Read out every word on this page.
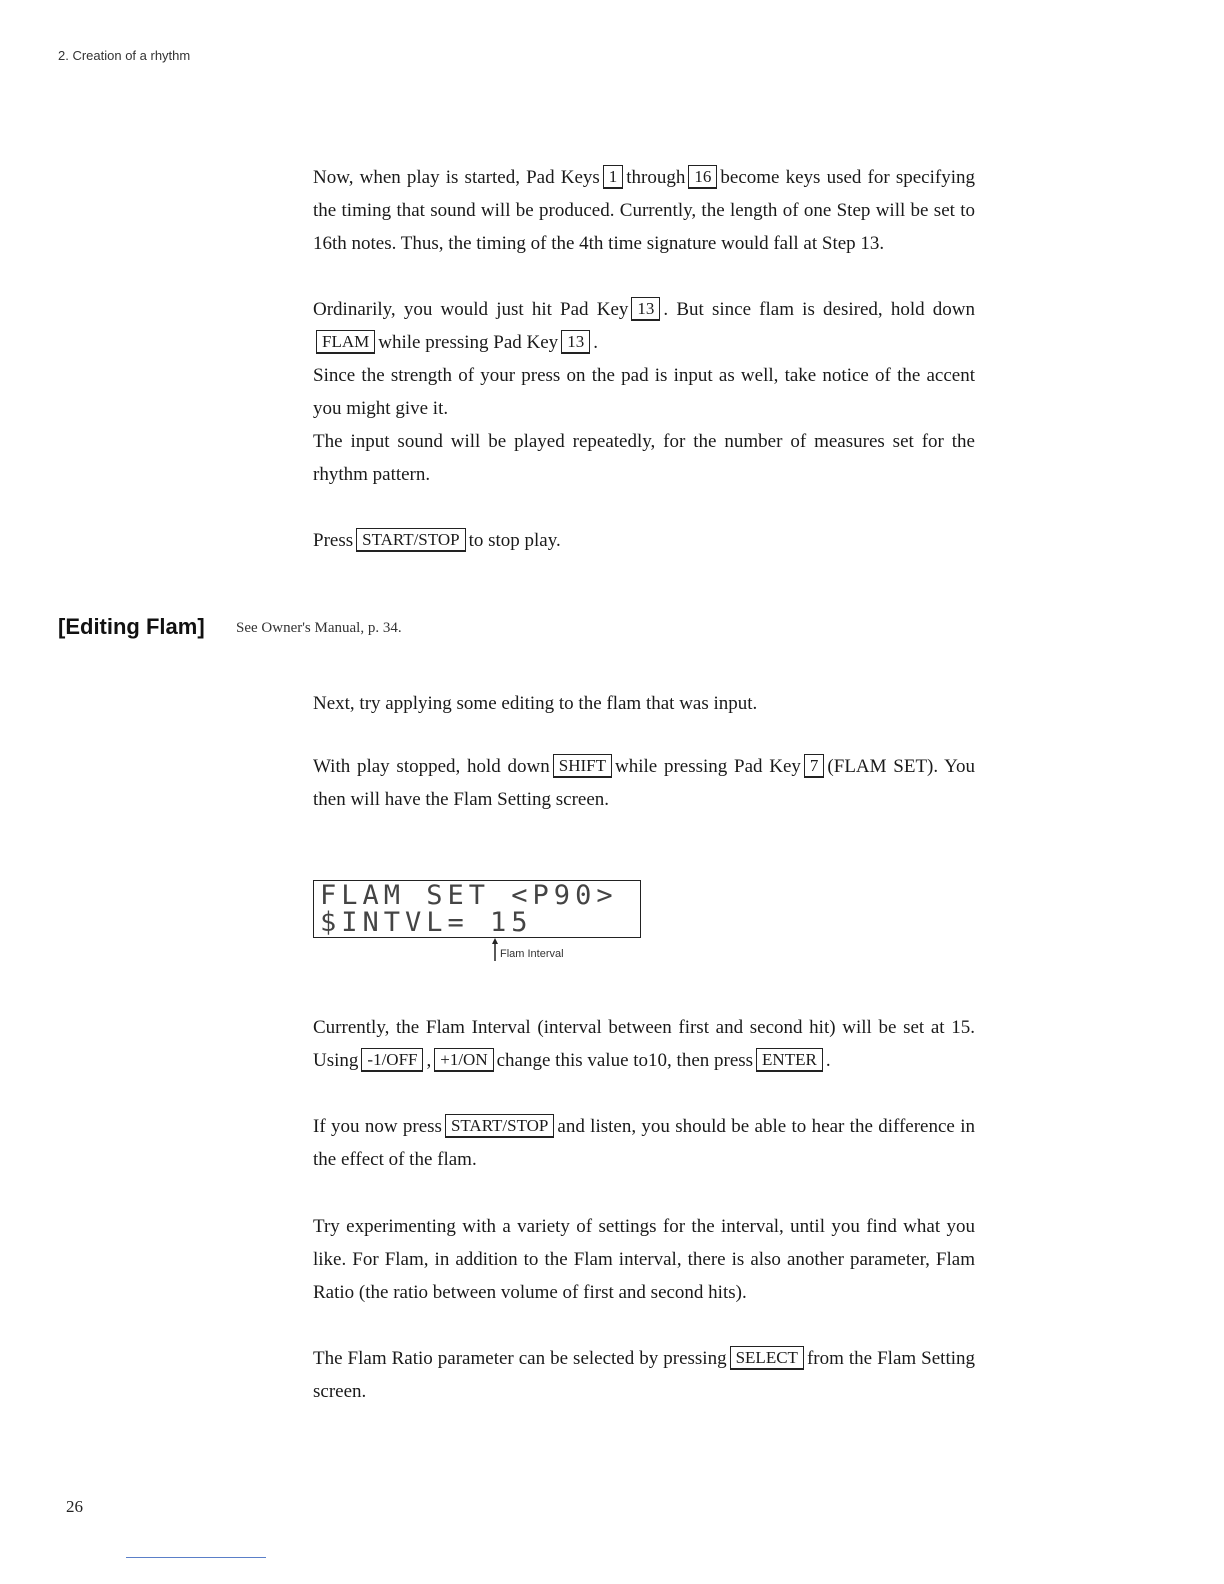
2. Creation of a rhythm

Now, when play is started, Pad Keys 1 through 16 become keys used for specifying the timing that sound will be produced. Currently, the length of one Step will be set to 16th notes. Thus, the timing of the 4th time signature would fall at Step 13.

Ordinarily, you would just hit Pad Key 13 . But since flam is desired, hold downFLAM while pressing Pad Key 13 .

Since the strength of your press on the pad is input as well, take notice of the accent you might give it.

The input sound will be played repeatedly, for the number of measures set for the rhythm pattern.

Press START/STOP to stop play.

[Editing Flam] See Owner's Manual, p. 34.

Next, try applying some editing to the flam that was input.

With play stopped, hold down SHIFT while pressing Pad Key 7 (FLAM SET). You then will have the Flam Setting screen.

FLAM SET <P90>
$INTVL= 15
Flam Interval

Currently, the Flam Interval (interval between first and second hit) will be set at 15. Using -1/OFF , +1/ON change this value to10, then press ENTER .

If you now press START/STOP and listen, you should be able to hear the difference in the effect of the flam.

Try experimenting with a variety of settings for the interval, until you find what you like. For Flam, in addition to the Flam interval, there is also another parameter, Flam Ratio (the ratio between volume of first and second hits).

The Flam Ratio parameter can be selected by pressing SELECT from the Flam Setting screen.

26
